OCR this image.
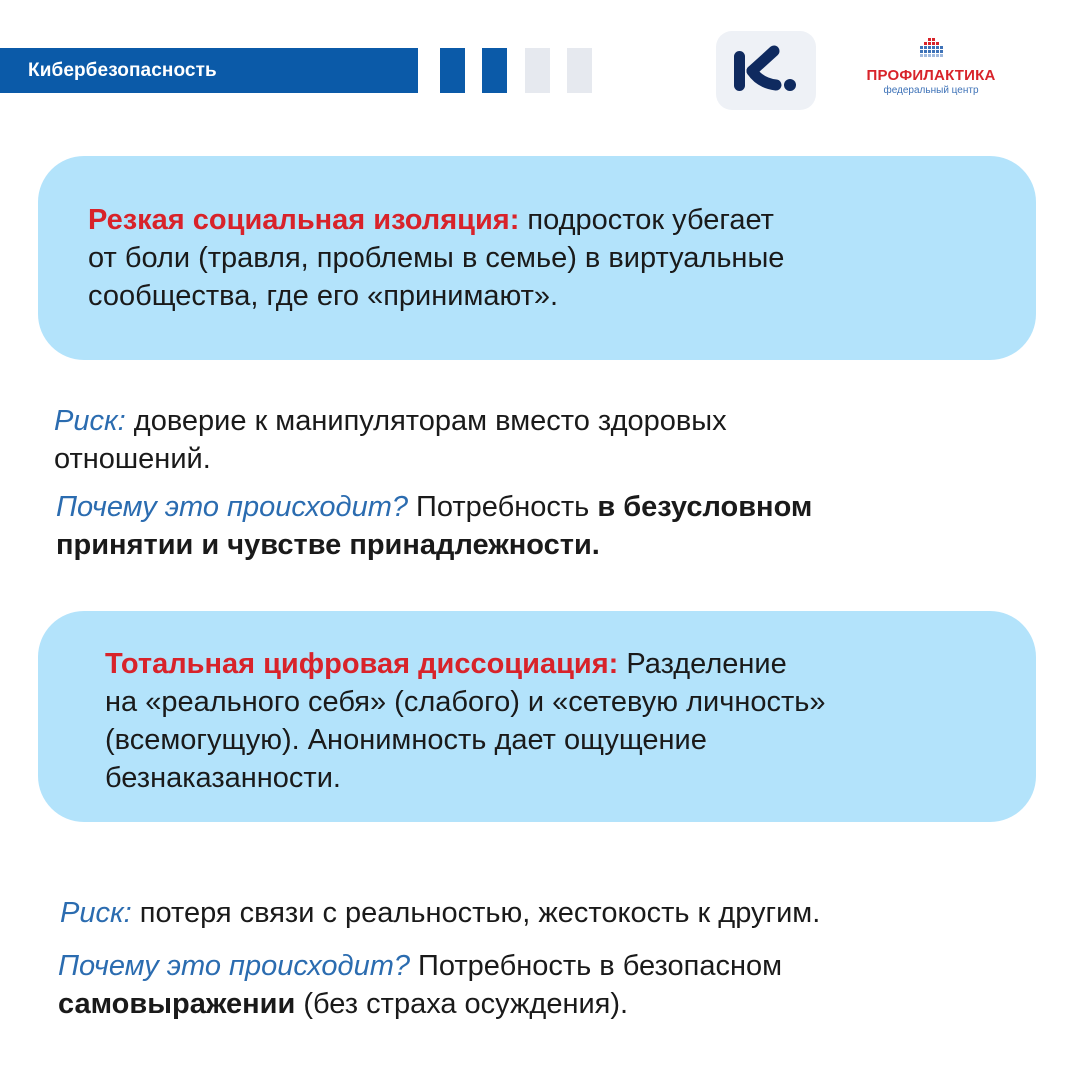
Кибербезопасность	ПРОФИЛАКТИКА
федеральный центр
Резкая социальная изоляция: подросток убегает
от боли (травля, проблемы в семье) в виртуальные
сообщества, где его «принимают».
Риск: доверие к манипуляторам вместо здоровых
отношений.
Почему это происходит? Потребность в безусловном
принятии и чувстве принадлежности.
Тотальная цифровая диссоциация: Разделение
на «реального себя» (слабого) и «сетевую личность»
(всемогущую). Анонимность дает ощущение
безнаказанности.
Риск: потеря связи с реальностью, жестокость к другим.
Почему это происходит? Потребность в безопасном
самовыражении (без страха осуждения).
